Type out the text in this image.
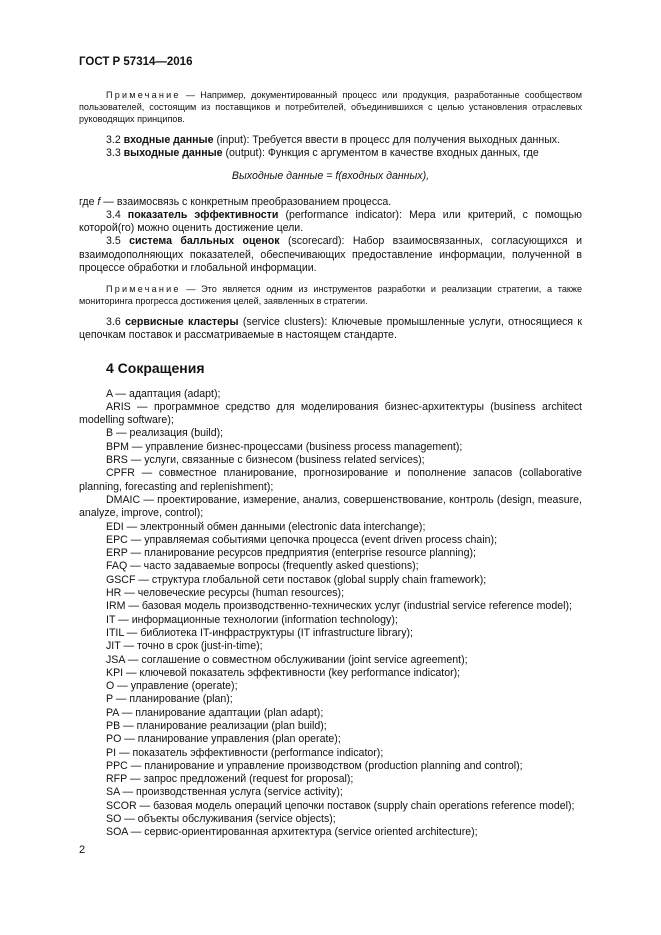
ГОСТ Р 57314—2016

Примечание — Например, документированный процесс или продукция, разработанные сообществом пользователей, состоящим из поставщиков и потребителей, объединившихся с целью установления отраслевых руководящих принципов.

3.2 входные данные (input): Требуется ввести в процесс для получения выходных данных.

3.3 выходные данные (output): Функция с аргументом в качестве входных данных, где

Выходные данные = f(входных данных),

где f — взаимосвязь с конкретным преобразованием процесса.

3.4 показатель эффективности (performance indicator): Мера или критерий, с помощью которой(го) можно оценить достижение цели.

3.5 система балльных оценок (scorecard): Набор взаимосвязанных, согласующихся и взаимодополняющих показателей, обеспечивающих предоставление информации, полученной в процессе обработки и глобальной информации.

Примечание — Это является одним из инструментов разработки и реализации стратегии, а также мониторинга прогресса достижения целей, заявленных в стратегии.

3.6 сервисные кластеры (service clusters): Ключевые промышленные услуги, относящиеся к цепочкам поставок и рассматриваемые в настоящем стандарте.

4 Сокращения

A — адаптация (adapt);

ARIS — программное средство для моделирования бизнес-архитектуры (business architect modelling software);

B — реализация (build);

BPM — управление бизнес-процессами (business process management);

BRS — услуги, связанные с бизнесом (business related services);

CPFR — совместное планирование, прогнозирование и пополнение запасов (collaborative planning, forecasting and replenishment);

DMAIC — проектирование, измерение, анализ, совершенствование, контроль (design, measure, analyze, improve, control);

EDI — электронный обмен данными (electronic data interchange);

EPC — управляемая событиями цепочка процесса (event driven process chain);

ERP — планирование ресурсов предприятия (enterprise resource planning);

FAQ — часто задаваемые вопросы (frequently asked questions);

GSCF — структура глобальной сети поставок (global supply chain framework);

HR — человеческие ресурсы (human resources);

IRM — базовая модель производственно-технических услуг (industrial service reference model);

IT — информационные технологии (information technology);

ITIL — библиотека IT-инфраструктуры (IT infrastructure library);

JIT — точно в срок (just-in-time);

JSA — соглашение о совместном обслуживании (joint service agreement);

KPI — ключевой показатель эффективности (key performance indicator);

O — управление (operate);

P — планирование (plan);

PA — планирование адаптации (plan adapt);

PB — планирование реализации (plan build);

PO — планирование управления (plan operate);

PI — показатель эффективности (performance indicator);

PPC — планирование и управление производством (production planning and control);

RFP — запрос предложений (request for proposal);

SA — производственная услуга (service activity);

SCOR — базовая модель операций цепочки поставок (supply chain operations reference model);

SO — объекты обслуживания (service objects);

SOA — сервис-ориентированная архитектура (service oriented architecture);

2
